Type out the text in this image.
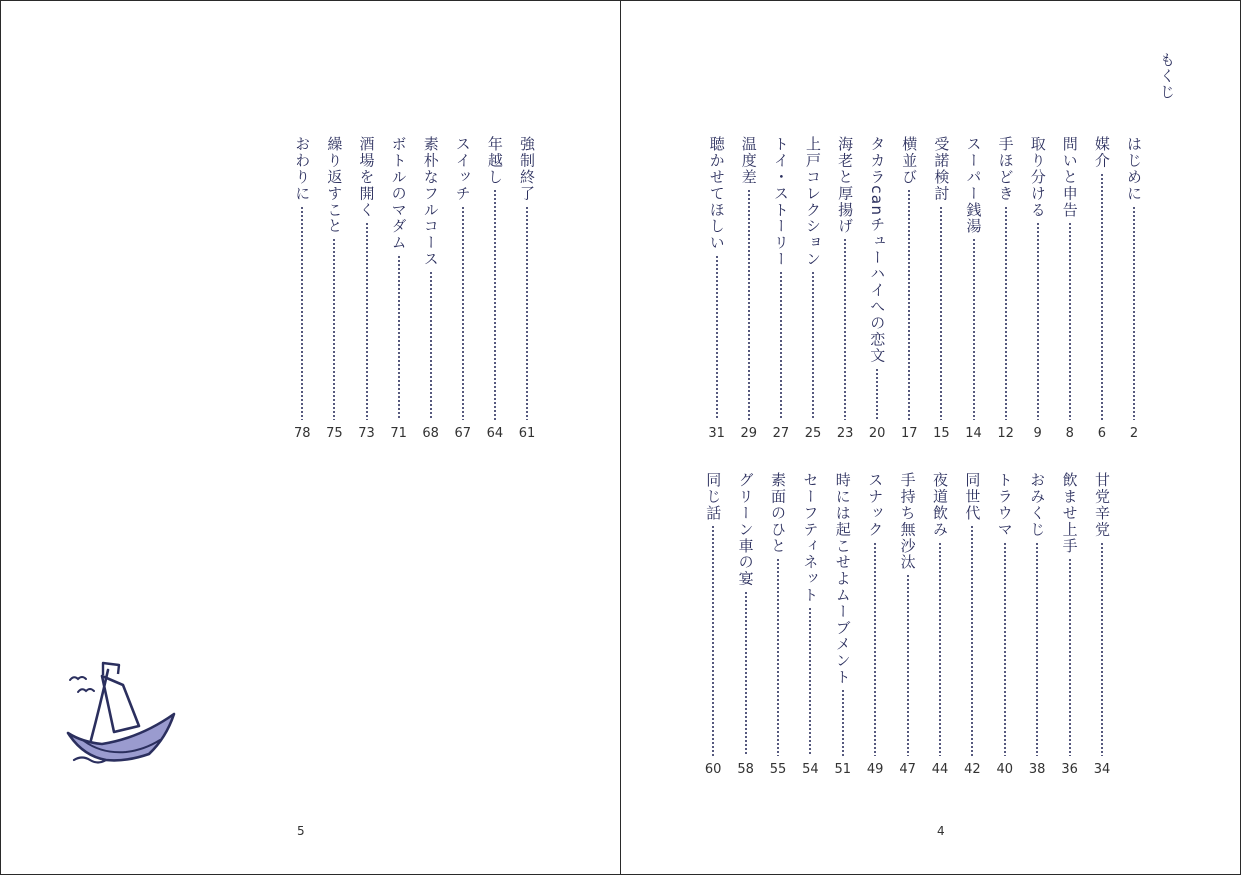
もくじ
はじめに
2
媒介
6
問いと申告
8
取り分ける
9
手ほどき
12
スーパー銭湯
14
受諾検討
15
横並び
17
タカラcanチューハイへの恋文
20
海老と厚揚げ
23
上戸コレクション
25
トイ・ストーリー
27
温度差
29
聴かせてほしい
31
甘党辛党
34
飲ませ上手
36
おみくじ
38
トラウマ
40
同世代
42
夜道飲み
44
手持ち無沙汰
47
スナック
49
時には起こせよムーブメント
51
セーフティネット
54
素面のひと
55
グリーン車の宴
58
同じ話
60
強制終了
61
年越し
64
スイッチ
67
素朴なフルコース
68
ボトルのマダム
71
酒場を開く
73
繰り返すこと
75
おわりに
78
5	4
